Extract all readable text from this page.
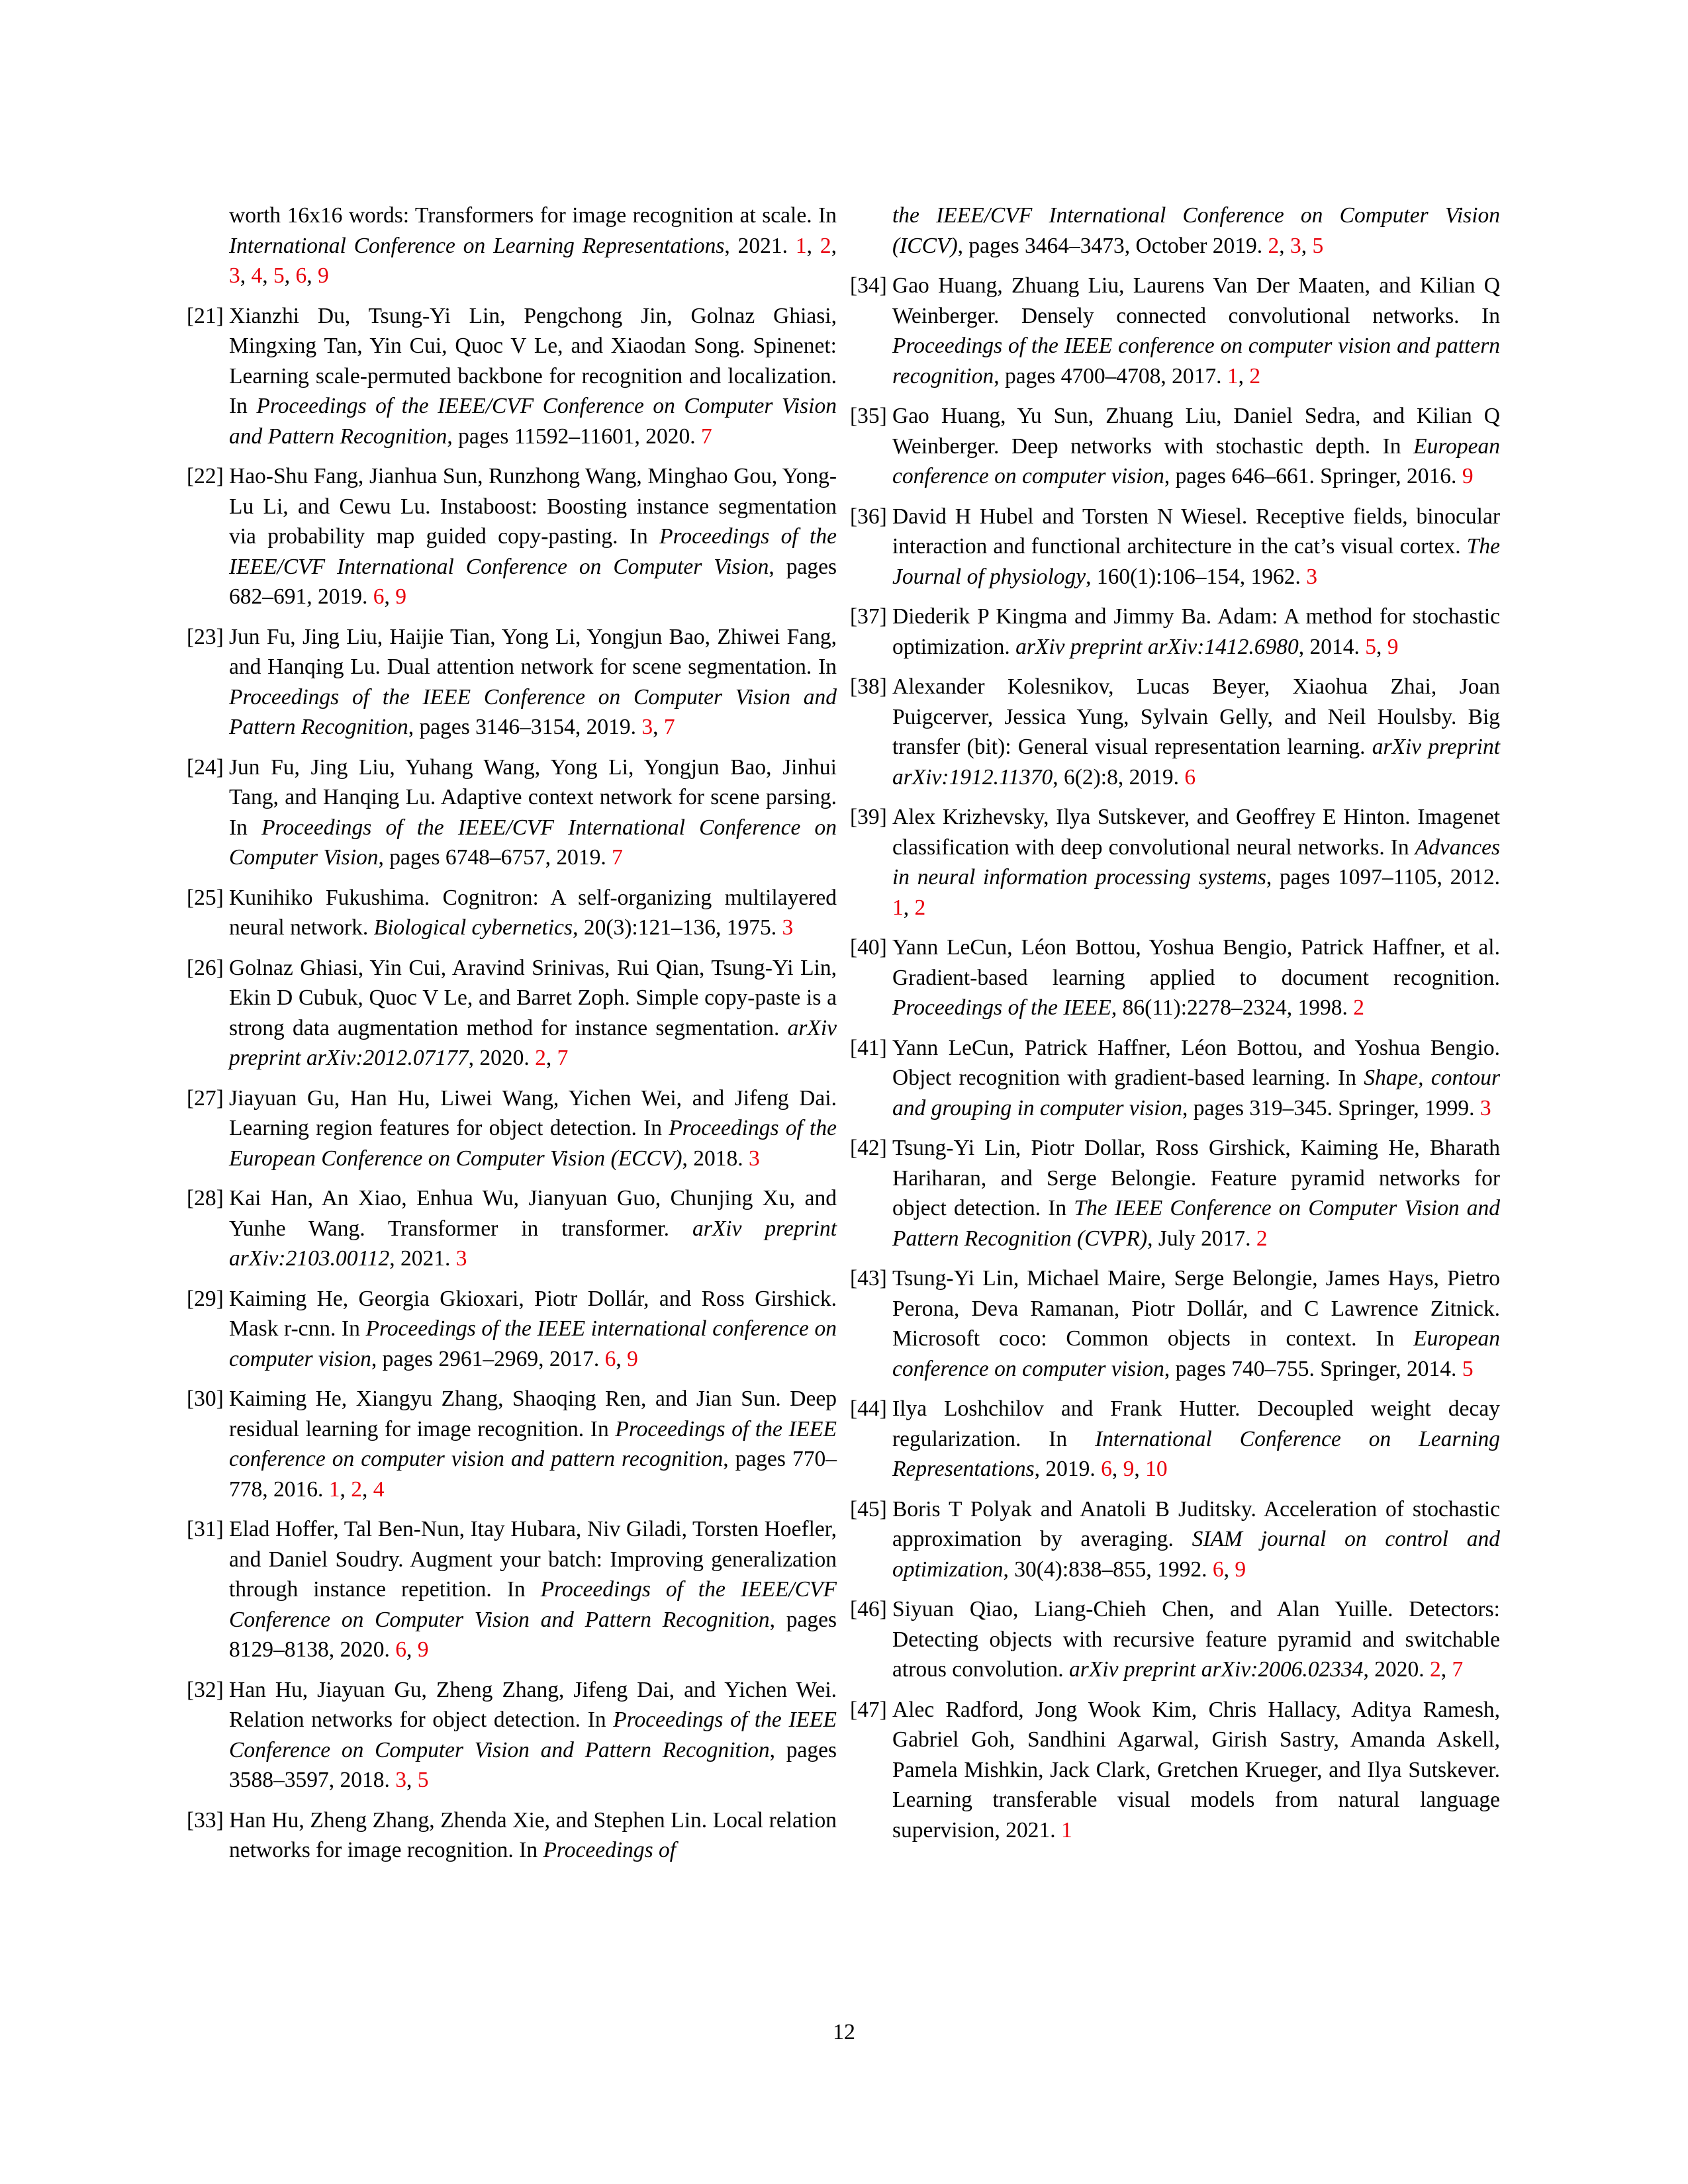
worth 16x16 words: Transformers for image recognition at scale. In International Conference on Learning Representations, 2021. 1, 2, 3, 4, 5, 6, 9
[21] Xianzhi Du, Tsung-Yi Lin, Pengchong Jin, Golnaz Ghiasi, Mingxing Tan, Yin Cui, Quoc V Le, and Xiaodan Song. Spinenet: Learning scale-permuted backbone for recognition and localization. In Proceedings of the IEEE/CVF Conference on Computer Vision and Pattern Recognition, pages 11592–11601, 2020. 7
[22] Hao-Shu Fang, Jianhua Sun, Runzhong Wang, Minghao Gou, Yong-Lu Li, and Cewu Lu. Instaboost: Boosting instance segmentation via probability map guided copy-pasting. In Proceedings of the IEEE/CVF International Conference on Computer Vision, pages 682–691, 2019. 6, 9
[23] Jun Fu, Jing Liu, Haijie Tian, Yong Li, Yongjun Bao, Zhiwei Fang, and Hanqing Lu. Dual attention network for scene segmentation. In Proceedings of the IEEE Conference on Computer Vision and Pattern Recognition, pages 3146–3154, 2019. 3, 7
[24] Jun Fu, Jing Liu, Yuhang Wang, Yong Li, Yongjun Bao, Jinhui Tang, and Hanqing Lu. Adaptive context network for scene parsing. In Proceedings of the IEEE/CVF International Conference on Computer Vision, pages 6748–6757, 2019. 7
[25] Kunihiko Fukushima. Cognitron: A self-organizing multilayered neural network. Biological cybernetics, 20(3):121–136, 1975. 3
[26] Golnaz Ghiasi, Yin Cui, Aravind Srinivas, Rui Qian, Tsung-Yi Lin, Ekin D Cubuk, Quoc V Le, and Barret Zoph. Simple copy-paste is a strong data augmentation method for instance segmentation. arXiv preprint arXiv:2012.07177, 2020. 2, 7
[27] Jiayuan Gu, Han Hu, Liwei Wang, Yichen Wei, and Jifeng Dai. Learning region features for object detection. In Proceedings of the European Conference on Computer Vision (ECCV), 2018. 3
[28] Kai Han, An Xiao, Enhua Wu, Jianyuan Guo, Chunjing Xu, and Yunhe Wang. Transformer in transformer. arXiv preprint arXiv:2103.00112, 2021. 3
[29] Kaiming He, Georgia Gkioxari, Piotr Dollár, and Ross Girshick. Mask r-cnn. In Proceedings of the IEEE international conference on computer vision, pages 2961–2969, 2017. 6, 9
[30] Kaiming He, Xiangyu Zhang, Shaoqing Ren, and Jian Sun. Deep residual learning for image recognition. In Proceedings of the IEEE conference on computer vision and pattern recognition, pages 770–778, 2016. 1, 2, 4
[31] Elad Hoffer, Tal Ben-Nun, Itay Hubara, Niv Giladi, Torsten Hoefler, and Daniel Soudry. Augment your batch: Improving generalization through instance repetition. In Proceedings of the IEEE/CVF Conference on Computer Vision and Pattern Recognition, pages 8129–8138, 2020. 6, 9
[32] Han Hu, Jiayuan Gu, Zheng Zhang, Jifeng Dai, and Yichen Wei. Relation networks for object detection. In Proceedings of the IEEE Conference on Computer Vision and Pattern Recognition, pages 3588–3597, 2018. 3, 5
[33] Han Hu, Zheng Zhang, Zhenda Xie, and Stephen Lin. Local relation networks for image recognition. In Proceedings of
the IEEE/CVF International Conference on Computer Vision (ICCV), pages 3464–3473, October 2019. 2, 3, 5
[34] Gao Huang, Zhuang Liu, Laurens Van Der Maaten, and Kilian Q Weinberger. Densely connected convolutional networks. In Proceedings of the IEEE conference on computer vision and pattern recognition, pages 4700–4708, 2017. 1, 2
[35] Gao Huang, Yu Sun, Zhuang Liu, Daniel Sedra, and Kilian Q Weinberger. Deep networks with stochastic depth. In European conference on computer vision, pages 646–661. Springer, 2016. 9
[36] David H Hubel and Torsten N Wiesel. Receptive fields, binocular interaction and functional architecture in the cat’s visual cortex. The Journal of physiology, 160(1):106–154, 1962. 3
[37] Diederik P Kingma and Jimmy Ba. Adam: A method for stochastic optimization. arXiv preprint arXiv:1412.6980, 2014. 5, 9
[38] Alexander Kolesnikov, Lucas Beyer, Xiaohua Zhai, Joan Puigcerver, Jessica Yung, Sylvain Gelly, and Neil Houlsby. Big transfer (bit): General visual representation learning. arXiv preprint arXiv:1912.11370, 6(2):8, 2019. 6
[39] Alex Krizhevsky, Ilya Sutskever, and Geoffrey E Hinton. Imagenet classification with deep convolutional neural networks. In Advances in neural information processing systems, pages 1097–1105, 2012. 1, 2
[40] Yann LeCun, Léon Bottou, Yoshua Bengio, Patrick Haffner, et al. Gradient-based learning applied to document recognition. Proceedings of the IEEE, 86(11):2278–2324, 1998. 2
[41] Yann LeCun, Patrick Haffner, Léon Bottou, and Yoshua Bengio. Object recognition with gradient-based learning. In Shape, contour and grouping in computer vision, pages 319–345. Springer, 1999. 3
[42] Tsung-Yi Lin, Piotr Dollar, Ross Girshick, Kaiming He, Bharath Hariharan, and Serge Belongie. Feature pyramid networks for object detection. In The IEEE Conference on Computer Vision and Pattern Recognition (CVPR), July 2017. 2
[43] Tsung-Yi Lin, Michael Maire, Serge Belongie, James Hays, Pietro Perona, Deva Ramanan, Piotr Dollár, and C Lawrence Zitnick. Microsoft coco: Common objects in context. In European conference on computer vision, pages 740–755. Springer, 2014. 5
[44] Ilya Loshchilov and Frank Hutter. Decoupled weight decay regularization. In International Conference on Learning Representations, 2019. 6, 9, 10
[45] Boris T Polyak and Anatoli B Juditsky. Acceleration of stochastic approximation by averaging. SIAM journal on control and optimization, 30(4):838–855, 1992. 6, 9
[46] Siyuan Qiao, Liang-Chieh Chen, and Alan Yuille. Detectors: Detecting objects with recursive feature pyramid and switchable atrous convolution. arXiv preprint arXiv:2006.02334, 2020. 2, 7
[47] Alec Radford, Jong Wook Kim, Chris Hallacy, Aditya Ramesh, Gabriel Goh, Sandhini Agarwal, Girish Sastry, Amanda Askell, Pamela Mishkin, Jack Clark, Gretchen Krueger, and Ilya Sutskever. Learning transferable visual models from natural language supervision, 2021. 1
12
